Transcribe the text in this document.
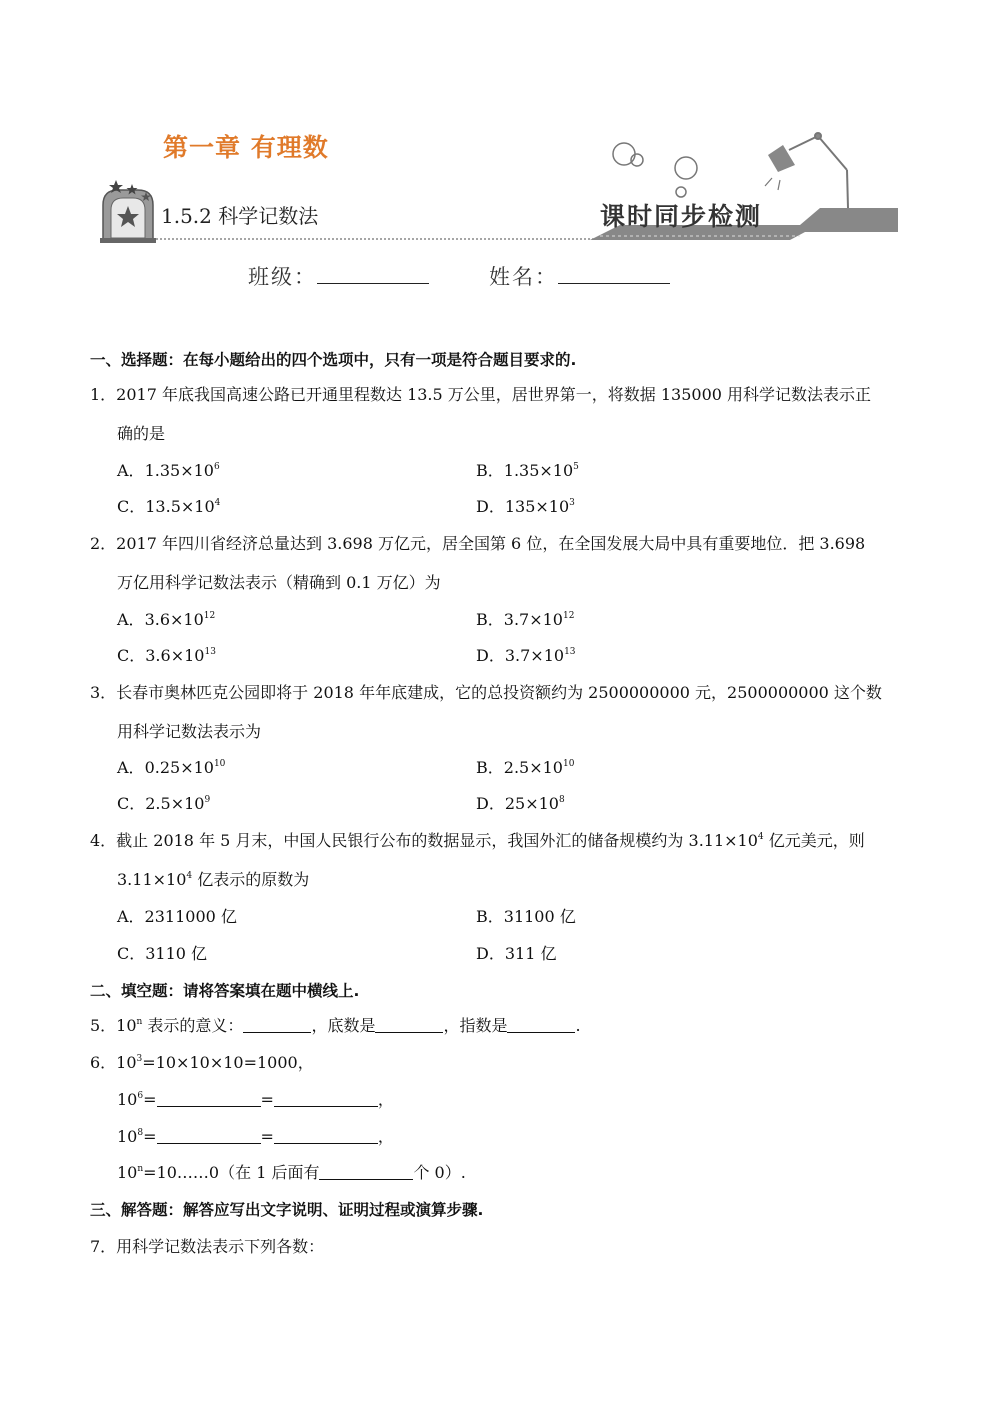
第一章 有理数
1.5.2 科学记数法	课时同步检测
班级：	姓名：
一、选择题：在每小题给出的四个选项中，只有一项是符合题目要求的.
1．2017 年底我国高速公路已开通里程数达 13.5 万公里，居世界第一，将数据 135000 用科学记数法表示正
确的是
A．$1.35\times 10^6$	B．$1.35\times 10^5$
C．$13.5\times 10^4$	D．$135\times 10^3$
2．2017 年四川省经济总量达到 3.698 万亿元，居全国第 6 位，在全国发展大局中具有重要地位．把 3.698
万亿用科学记数法表示（精确到 0.1 万亿）为
A．$3.6\times 10^{12}$	B．$3.7\times 10^{12}$
C．$3.6\times 10^{13}$	D．$3.7\times 10^{13}$
3．长春市奥林匹克公园即将于 2018 年年底建成，它的总投资额约为 2500000000 元，2500000000 这个数
用科学记数法表示为
A．$0.25\times 10^{10}$	B．$2.5\times 10^{10}$
C．$2.5\times 10^9$	D．$25\times 10^8$
4．截止 2018 年 5 月末，中国人民银行公布的数据显示，我国外汇的储备规模约为 $3.11\times 10^4$ 亿元美元，则
$3.11\times 10^4$ 亿表示的原数为
A．2311000 亿	B．31100 亿
C．3110 亿	D．311 亿
二、填空题：请将答案填在题中横线上.
5．10$^n$ 表示的意义：	，底数是	，指数是	.
6．$10^3=10\times 10\times 10=1000$，
$10^6=$	=	，
$10^8=$	=	，
$10^n=10\dots\dots 0$（在 1 后面有	个 0）.
三、解答题：解答应写出文字说明、证明过程或演算步骤.
7．用科学记数法表示下列各数：
